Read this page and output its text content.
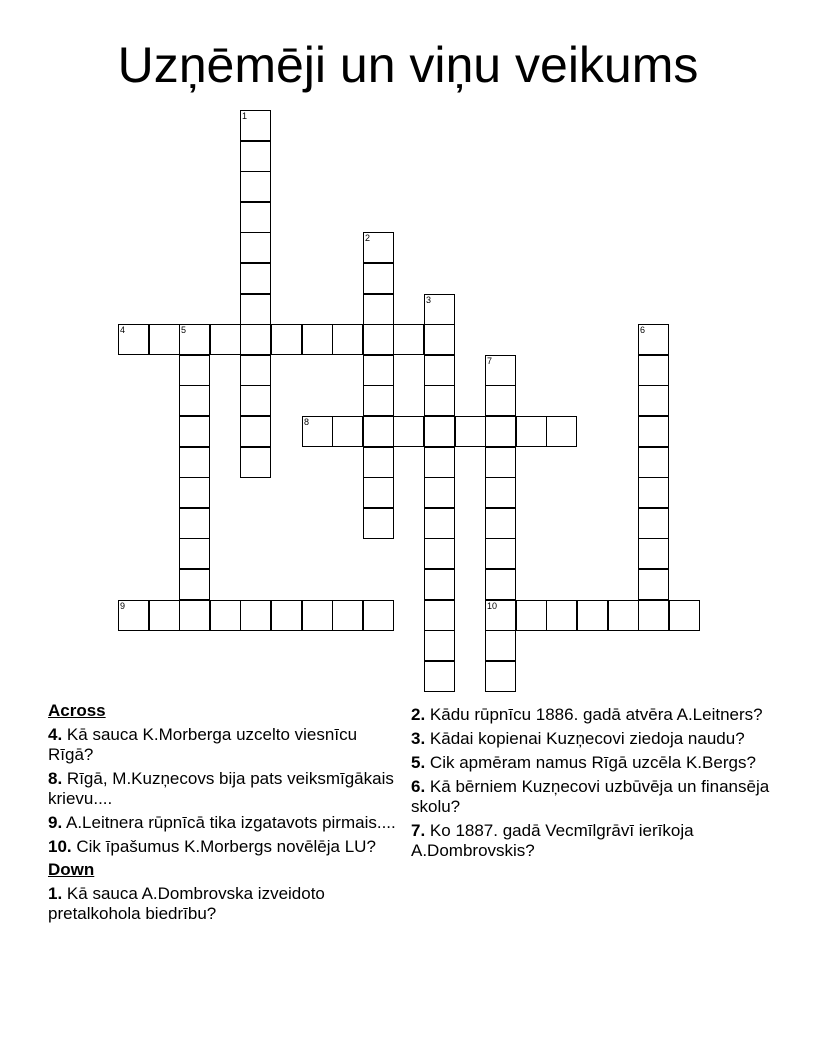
Uzņēmēji un viņu veikums
1
2
3
4	5	6
7
10
8
9
Across
4. Kā sauca K.Morberga uzcelto viesnīcu Rīgā?
8. Rīgā, M.Kuzņecovs bija pats veiksmīgākais krievu....
9. A.Leitnera rūpnīcā tika izgatavots pirmais....
10. Cik īpašumus K.Morbergs novēlēja LU?
Down
1. Kā sauca A.Dombrovska izveidoto pretalkohola biedrību?
2. Kādu rūpnīcu 1886. gadā atvēra A.Leitners?
3. Kādai kopienai Kuzņecovi ziedoja naudu?
5. Cik apmēram namus Rīgā uzcēla K.Bergs?
6. Kā bērniem Kuzņecovi uzbūvēja un finansēja skolu?
7. Ko 1887. gadā Vecmīlgrāvī ierīkoja A.Dombrovskis?
